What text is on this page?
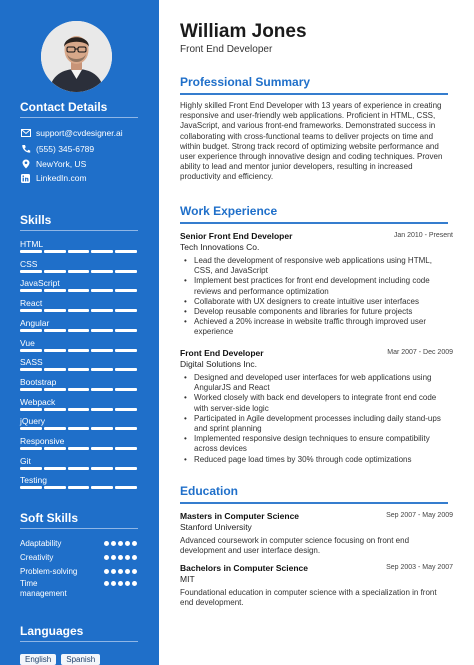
Contact Details
support@cvdesigner.ai
(555) 345-6789
NewYork, US
LinkedIn.com
Skills
HTML
CSS
JavaScript
React
Angular
Vue
SASS
Bootstrap
Webpack
jQuery
Responsive
Git
Testing
Soft Skills
Adaptability
Creativity
Problem-solving
Time
management
Languages
English	Spanish
William Jones
Front End Developer
Professional Summary
Highly skilled Front End Developer with 13 years of experience in creating responsive and user-friendly web applications. Proficient in HTML, CSS, JavaScript, and various front-end frameworks. Demonstrated success in collaborating with cross-functional teams to deliver projects on time and within budget. Strong track record of optimizing website performance and user experience through innovative design and coding techniques. Proven ability to lead and mentor junior developers, resulting in increased productivity and efficiency.
Work Experience
Senior Front End Developer	Jan 2010 - Present
Tech Innovations Co.
• Lead the development of responsive web applications using HTML, CSS, and JavaScript
• Implement best practices for front end development including code reviews and performance optimization
• Collaborate with UX designers to create intuitive user interfaces
• Develop reusable components and libraries for future projects
• Achieved a 20% increase in website traffic through improved user experience
Front End Developer	Mar 2007 - Dec 2009
Digital Solutions Inc.
• Designed and developed user interfaces for web applications using AngularJS and React
• Worked closely with back end developers to integrate front end code with server-side logic
• Participated in Agile development processes including daily stand-ups and sprint planning
• Implemented responsive design techniques to ensure compatibility across devices
• Reduced page load times by 30% through code optimizations
Education
Masters in Computer Science	Sep 2007 - May 2009
Stanford University
Advanced coursework in computer science focusing on front end development and user interface design.
Bachelors in Computer Science	Sep 2003 - May 2007
MIT
Foundational education in computer science with a specialization in front end development.
